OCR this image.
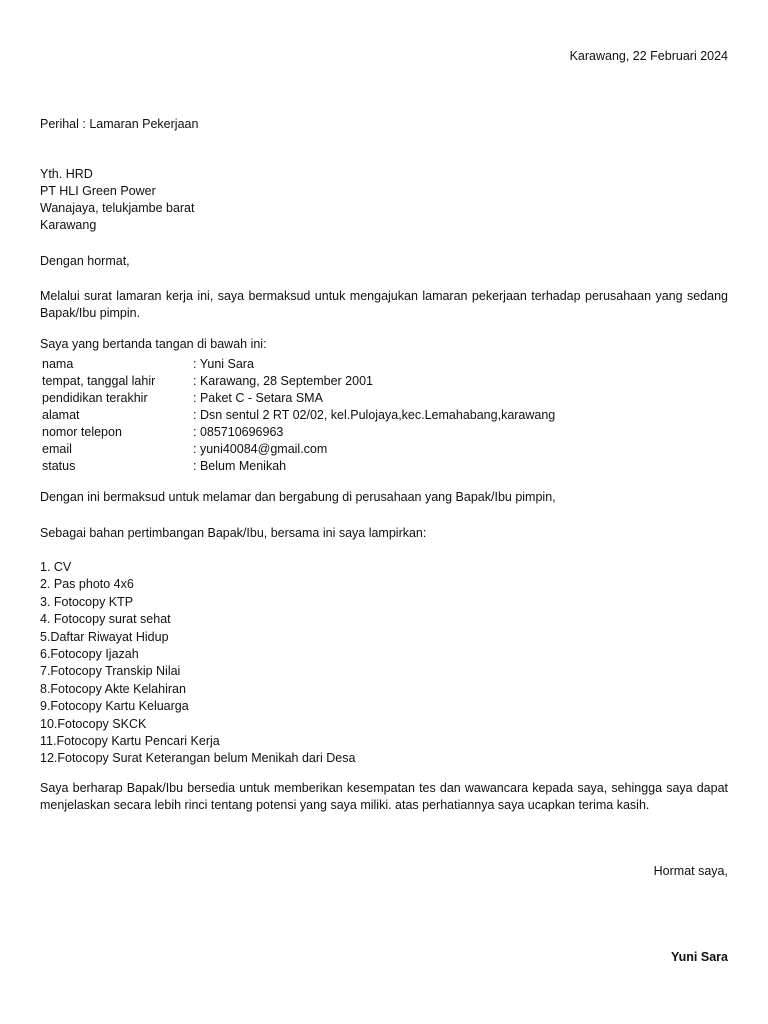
Karawang, 22 Februari 2024
Perihal : Lamaran Pekerjaan
Yth. HRD
PT HLI Green Power
Wanajaya, telukjambe barat
Karawang
Dengan hormat,
Melalui surat lamaran kerja ini, saya bermaksud untuk mengajukan lamaran pekerjaan terhadap perusahaan yang sedang Bapak/Ibu pimpin.
Saya yang bertanda tangan di bawah ini:
nama	: Yuni Sara
tempat, tanggal lahir	: Karawang, 28 September 2001
pendidikan terakhir	: Paket C - Setara SMA
alamat	: Dsn sentul 2 RT 02/02, kel.Pulojaya,kec.Lemahabang,karawang
nomor telepon	: 085710696963
email	: yuni40084@gmail.com
status	: Belum Menikah
Dengan ini bermaksud untuk melamar dan bergabung di perusahaan yang Bapak/Ibu pimpin,
Sebagai bahan pertimbangan Bapak/Ibu, bersama ini saya lampirkan:
1. CV
2. Pas photo 4x6
3. Fotocopy KTP
4. Fotocopy surat sehat
5.Daftar Riwayat Hidup
6.Fotocopy Ijazah
7.Fotocopy Transkip Nilai
8.Fotocopy Akte Kelahiran
9.Fotocopy Kartu Keluarga
10.Fotocopy SKCK
11.Fotocopy Kartu Pencari Kerja
12.Fotocopy Surat Keterangan belum Menikah dari Desa
Saya berharap Bapak/Ibu bersedia untuk memberikan kesempatan tes dan wawancara kepada saya, sehingga saya dapat menjelaskan secara lebih rinci tentang potensi yang saya miliki. atas perhatiannya saya ucapkan terima kasih.
Hormat saya,
Yuni Sara
